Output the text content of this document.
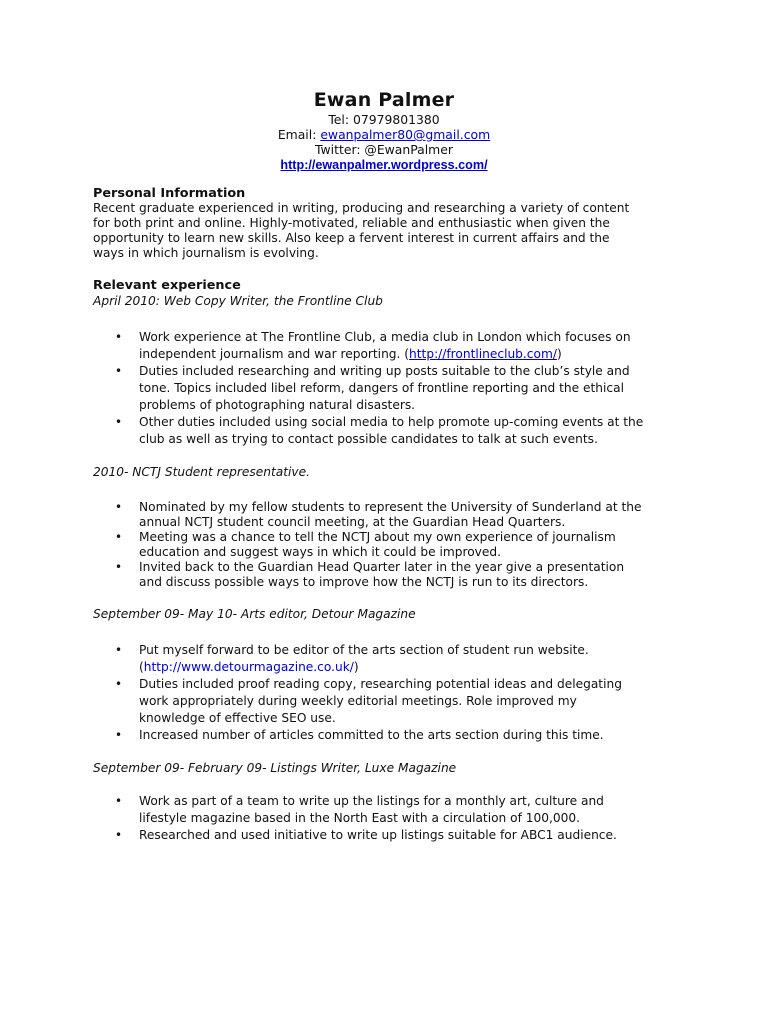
Ewan Palmer
Tel: 07979801380
Email: ewanpalmer80@gmail.com
Twitter: @EwanPalmer
http://ewanpalmer.wordpress.com/
Personal Information
Recent graduate experienced in writing, producing and researching a variety of content
for both print and online. Highly-motivated, reliable and enthusiastic when given the
opportunity to learn new skills. Also keep a fervent interest in current affairs and the
ways in which journalism is evolving.
Relevant experience
April 2010: Web Copy Writer, the Frontline Club
• Work experience at The Frontline Club, a media club in London which focuses on
independent journalism and war reporting. (http://frontlineclub.com/)
• Duties included researching and writing up posts suitable to the club’s style and
tone. Topics included libel reform, dangers of frontline reporting and the ethical
problems of photographing natural disasters.
• Other duties included using social media to help promote up-coming events at the
club as well as trying to contact possible candidates to talk at such events.
2010- NCTJ Student representative.
• Nominated by my fellow students to represent the University of Sunderland at the
annual NCTJ student council meeting, at the Guardian Head Quarters.
• Meeting was a chance to tell the NCTJ about my own experience of journalism
education and suggest ways in which it could be improved.
• Invited back to the Guardian Head Quarter later in the year give a presentation
and discuss possible ways to improve how the NCTJ is run to its directors.
September 09- May 10- Arts editor, Detour Magazine
• Put myself forward to be editor of the arts section of student run website.
(http://www.detourmagazine.co.uk/)
• Duties included proof reading copy, researching potential ideas and delegating
work appropriately during weekly editorial meetings. Role improved my
knowledge of effective SEO use.
• Increased number of articles committed to the arts section during this time.
September 09- February 09- Listings Writer, Luxe Magazine
• Work as part of a team to write up the listings for a monthly art, culture and
lifestyle magazine based in the North East with a circulation of 100,000.
• Researched and used initiative to write up listings suitable for ABC1 audience.
